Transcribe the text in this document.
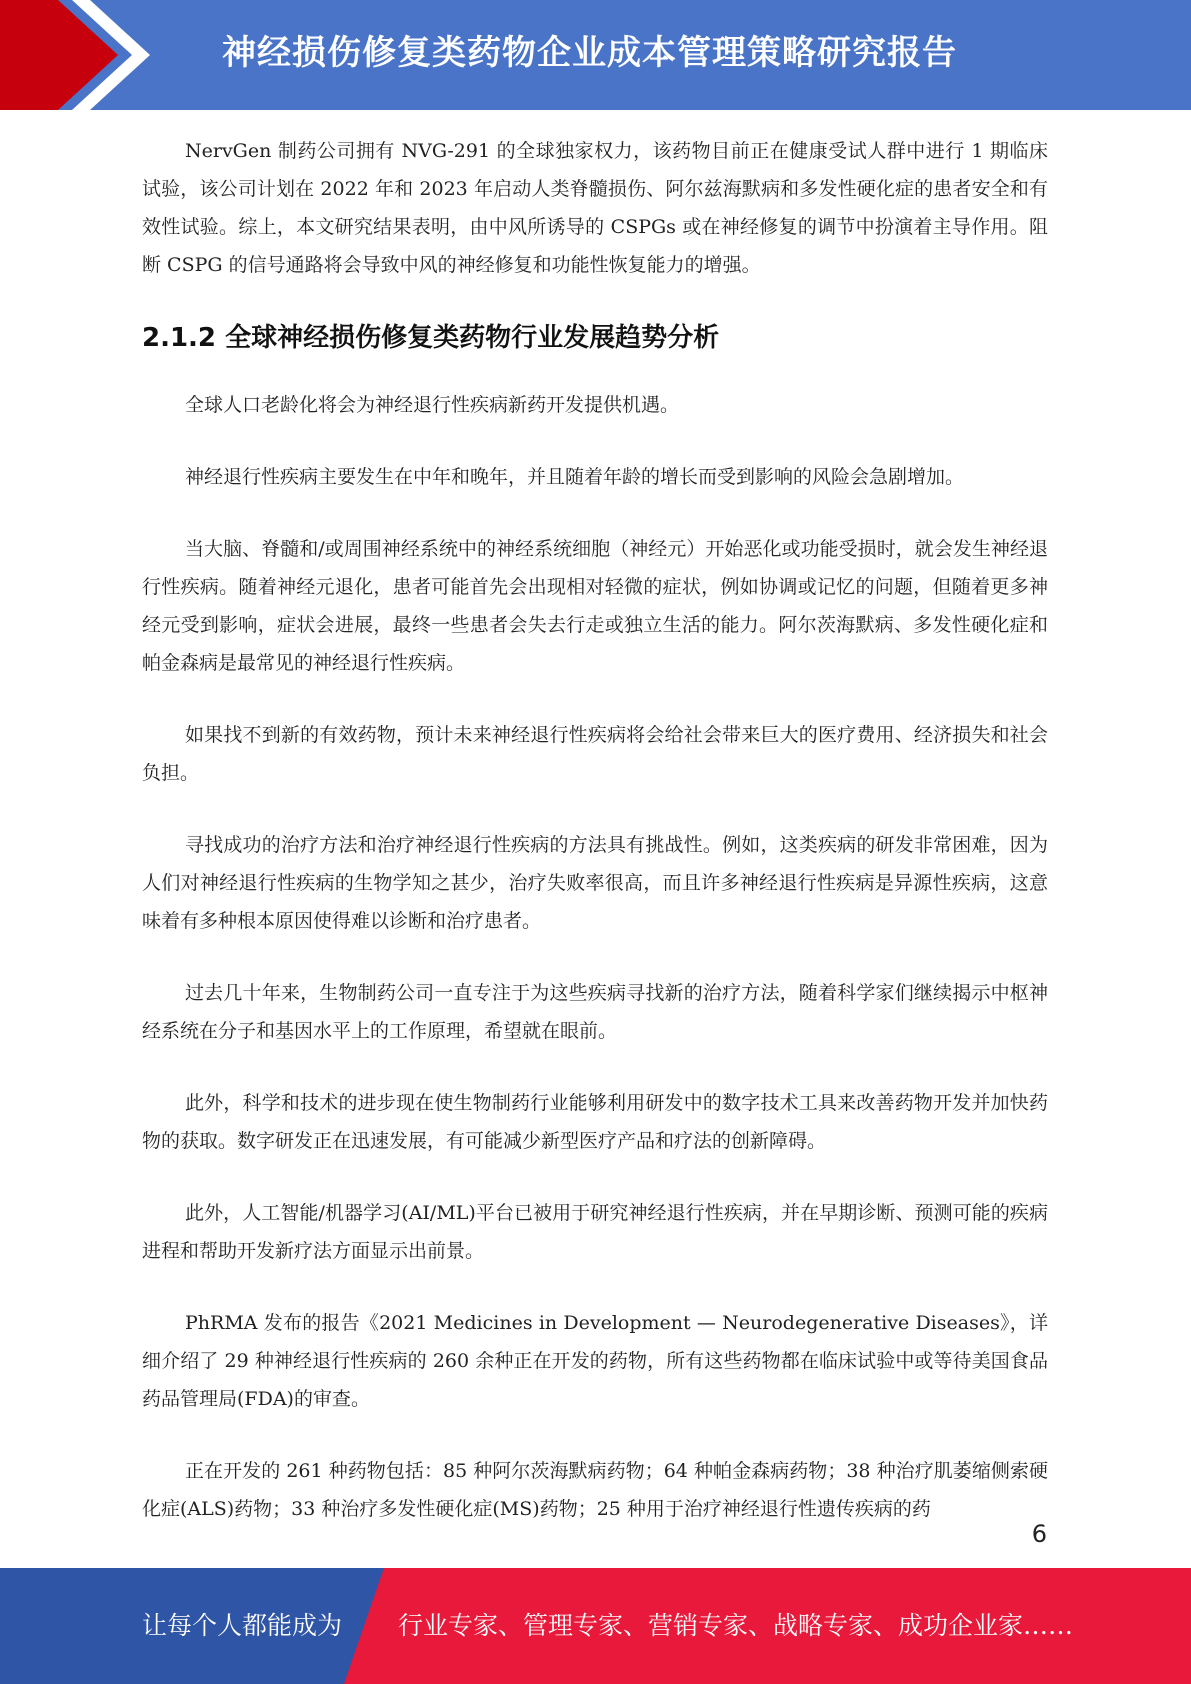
神经损伤修复类药物企业成本管理策略研究报告

NervGen 制药公司拥有 NVG-291 的全球独家权力，该药物目前正在健康受试人群中进行 1 期临床试验，该公司计划在 2022 年和 2023 年启动人类脊髓损伤、阿尔兹海默病和多发性硬化症的患者安全和有效性试验。综上，本文研究结果表明，由中风所诱导的 CSPGs 或在神经修复的调节中扮演着主导作用。阻断 CSPG 的信号通路将会导致中风的神经修复和功能性恢复能力的增强。

2.1.2 全球神经损伤修复类药物行业发展趋势分析

全球人口老龄化将会为神经退行性疾病新药开发提供机遇。

神经退行性疾病主要发生在中年和晚年，并且随着年龄的增长而受到影响的风险会急剧增加。

当大脑、脊髓和/或周围神经系统中的神经系统细胞（神经元）开始恶化或功能受损时，就会发生神经退行性疾病。随着神经元退化，患者可能首先会出现相对轻微的症状，例如协调或记忆的问题，但随着更多神经元受到影响，症状会进展，最终一些患者会失去行走或独立生活的能力。阿尔茨海默病、多发性硬化症和帕金森病是最常见的神经退行性疾病。

如果找不到新的有效药物，预计未来神经退行性疾病将会给社会带来巨大的医疗费用、经济损失和社会负担。

寻找成功的治疗方法和治疗神经退行性疾病的方法具有挑战性。例如，这类疾病的研发非常困难，因为人们对神经退行性疾病的生物学知之甚少，治疗失败率很高，而且许多神经退行性疾病是异源性疾病，这意味着有多种根本原因使得难以诊断和治疗患者。

过去几十年来，生物制药公司一直专注于为这些疾病寻找新的治疗方法，随着科学家们继续揭示中枢神经系统在分子和基因水平上的工作原理，希望就在眼前。

此外，科学和技术的进步现在使生物制药行业能够利用研发中的数字技术工具来改善药物开发并加快药物的获取。数字研发正在迅速发展，有可能减少新型医疗产品和疗法的创新障碍。

此外，人工智能/机器学习(AI/ML)平台已被用于研究神经退行性疾病，并在早期诊断、预测可能的疾病进程和帮助开发新疗法方面显示出前景。

PhRMA 发布的报告《2021 Medicines in Development — Neurodegenerative Diseases》，详细介绍了 29 种神经退行性疾病的 260 余种正在开发的药物，所有这些药物都在临床试验中或等待美国食品药品管理局(FDA)的审查。

正在开发的 261 种药物包括：85 种阿尔茨海默病药物；64 种帕金森病药物；38 种治疗肌萎缩侧索硬化症(ALS)药物；33 种治疗多发性硬化症(MS)药物；25 种用于治疗神经退行性遗传疾病的药

6
让每个人都能成为 行业专家、管理专家、营销专家、战略专家、成功企业家……
